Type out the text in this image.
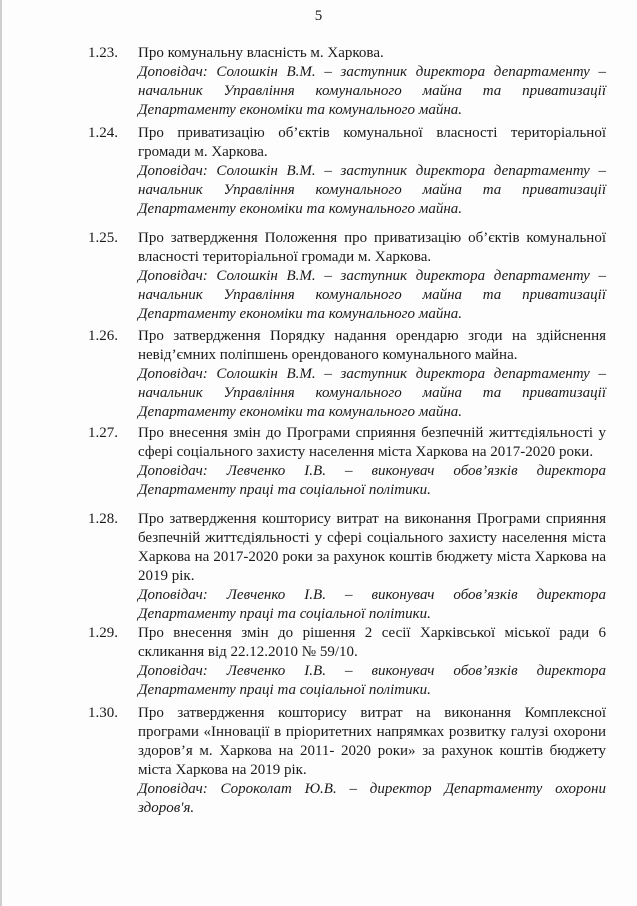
5
1.23. Про комунальну власність м. Харкова.
Доповідач: Солошкін В.М. – заступник директора департаменту – начальник Управління комунального майна та приватизації Департаменту економіки та комунального майна.
1.24. Про приватизацію об’єктів комунальної власності територіальної громади м. Харкова.
Доповідач: Солошкін В.М. – заступник директора департаменту – начальник Управління комунального майна та приватизації Департаменту економіки та комунального майна.
1.25. Про затвердження Положення про приватизацію об’єктів комунальної власності територіальної громади м. Харкова.
Доповідач: Солошкін В.М. – заступник директора департаменту – начальник Управління комунального майна та приватизації Департаменту економіки та комунального майна.
1.26. Про затвердження Порядку надання орендарю згоди на здійснення невід’ємних поліпшень орендованого комунального майна.
Доповідач: Солошкін В.М. – заступник директора департаменту – начальник Управління комунального майна та приватизації Департаменту економіки та комунального майна.
1.27. Про внесення змін до Програми сприяння безпечній життєдіяльності у сфері соціального захисту населення міста Харкова на 2017-2020 роки.
Доповідач: Левченко І.В. – виконувач обов’язків директора Департаменту праці та соціальної політики.
1.28. Про затвердження кошторису витрат на виконання Програми сприяння безпечній життєдіяльності у сфері соціального захисту населення міста Харкова на 2017-2020 роки за рахунок коштів бюджету міста Харкова на 2019 рік.
Доповідач: Левченко І.В. – виконувач обов’язків директора Департаменту праці та соціальної політики.
1.29. Про внесення змін до рішення 2 сесії Харківської міської ради 6 скликання від 22.12.2010 № 59/10.
Доповідач: Левченко І.В. – виконувач обов’язків директора Департаменту праці та соціальної політики.
1.30. Про затвердження кошторису витрат на виконання Комплексної програми «Інновації в пріоритетних напрямках розвитку галузі охорони здоров’я м. Харкова на 2011- 2020 роки» за рахунок коштів бюджету міста Харкова на 2019 рік.
Доповідач: Сороколат Ю.В. – директор Департаменту охорони здоров'я.
